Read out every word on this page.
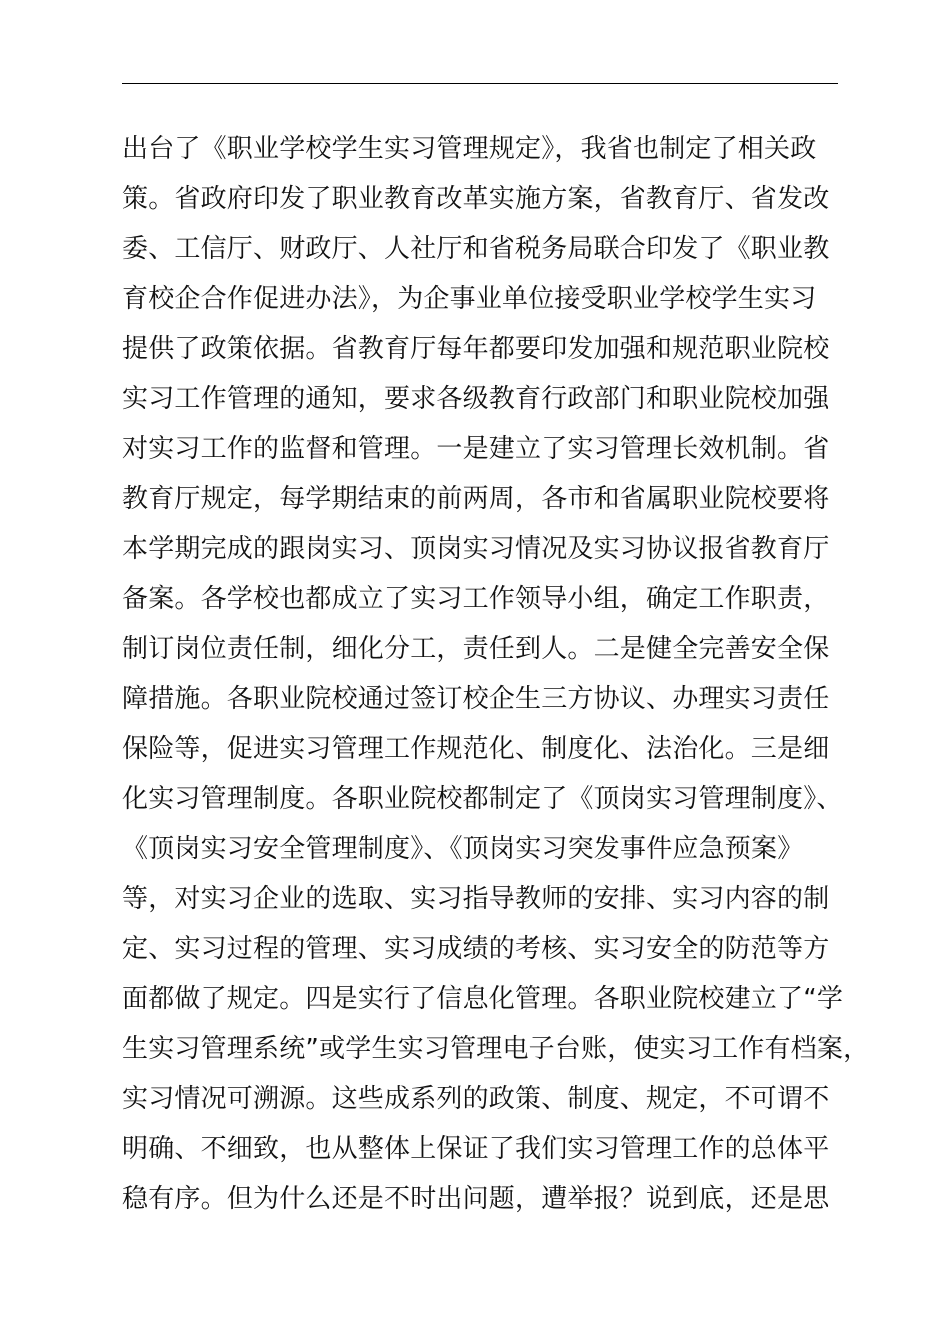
出台了《职业学校学生实习管理规定》，我省也制定了相关政
策。省政府印发了职业教育改革实施方案，省教育厅、省发改
委、工信厅、财政厅、人社厅和省税务局联合印发了《职业教
育校企合作促进办法》，为企事业单位接受职业学校学生实习
提供了政策依据。省教育厅每年都要印发加强和规范职业院校
实习工作管理的通知，要求各级教育行政部门和职业院校加强
对实习工作的监督和管理。一是建立了实习管理长效机制。省
教育厅规定，每学期结束的前两周，各市和省属职业院校要将
本学期完成的跟岗实习、顶岗实习情况及实习协议报省教育厅
备案。各学校也都成立了实习工作领导小组，确定工作职责，
制订岗位责任制，细化分工，责任到人。二是健全完善安全保
障措施。各职业院校通过签订校企生三方协议、办理实习责任
保险等，促进实习管理工作规范化、制度化、法治化。三是细
化实习管理制度。各职业院校都制定了《顶岗实习管理制度》、
《顶岗实习安全管理制度》、《顶岗实习突发事件应急预案》
等，对实习企业的选取、实习指导教师的安排、实习内容的制
定、实习过程的管理、实习成绩的考核、实习安全的防范等方
面都做了规定。四是实行了信息化管理。各职业院校建立了“学
生实习管理系统”或学生实习管理电子台账，使实习工作有档案，
实习情况可溯源。这些成系列的政策、制度、规定，不可谓不
明确、不细致，也从整体上保证了我们实习管理工作的总体平
稳有序。但为什么还是不时出问题，遭举报？说到底，还是思
